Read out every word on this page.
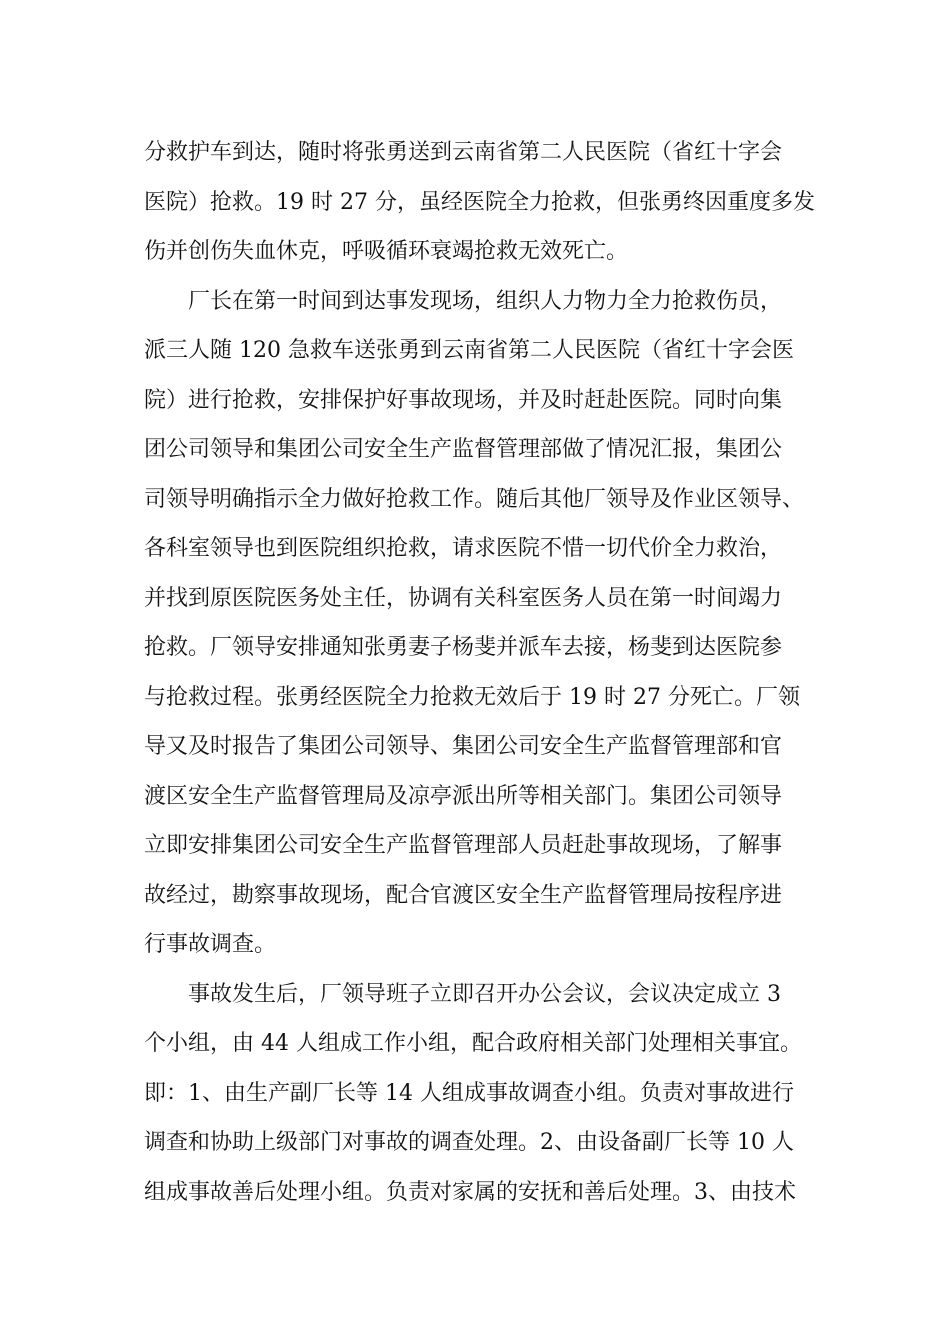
分救护车到达，随时将张勇送到云南省第二人民医院（省红十字会
医院）抢救。19 时 27 分，虽经医院全力抢救，但张勇终因重度多发
伤并创伤失血休克，呼吸循环衰竭抢救无效死亡。
厂长在第一时间到达事发现场，组织人力物力全力抢救伤员，
派三人随 120 急救车送张勇到云南省第二人民医院（省红十字会医
院）进行抢救，安排保护好事故现场，并及时赶赴医院。同时向集
团公司领导和集团公司安全生产监督管理部做了情况汇报，集团公
司领导明确指示全力做好抢救工作。随后其他厂领导及作业区领导、
各科室领导也到医院组织抢救，请求医院不惜一切代价全力救治，
并找到原医院医务处主任，协调有关科室医务人员在第一时间竭力
抢救。厂领导安排通知张勇妻子杨斐并派车去接，杨斐到达医院参
与抢救过程。张勇经医院全力抢救无效后于 19 时 27 分死亡。厂领
导又及时报告了集团公司领导、集团公司安全生产监督管理部和官
渡区安全生产监督管理局及凉亭派出所等相关部门。集团公司领导
立即安排集团公司安全生产监督管理部人员赶赴事故现场，了解事
故经过，勘察事故现场，配合官渡区安全生产监督管理局按程序进
行事故调查。
事故发生后，厂领导班子立即召开办公会议，会议决定成立 3
个小组，由 44 人组成工作小组，配合政府相关部门处理相关事宜。
即：1、由生产副厂长等 14 人组成事故调查小组。负责对事故进行
调查和协助上级部门对事故的调查处理。2、由设备副厂长等 10 人
组成事故善后处理小组。负责对家属的安抚和善后处理。3、由技术
